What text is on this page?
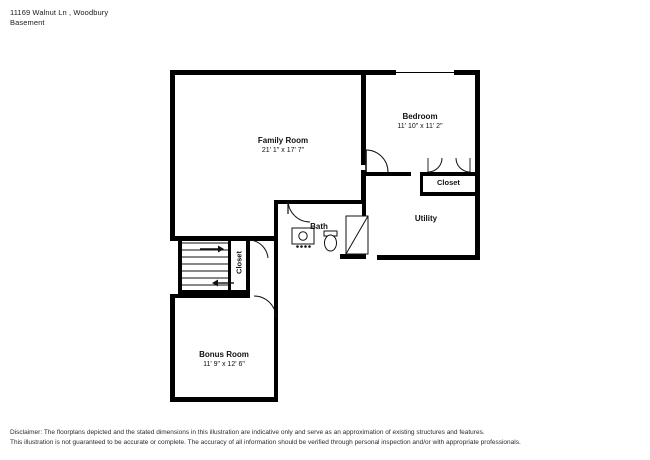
11169 Walnut Ln , Woodbury
Basement
Family Room
21' 1" x 17' 7"
Bedroom
11' 10" x 11' 2"
Utility
Bath
Bonus Room
11' 9" x 12' 6"
Closet
Closet
Disclaimer: The floorplans depicted and the stated dimensions in this illustration are indicative only and serve as an approximation of existing structures and features.
This illustration is not guaranteed to be accurate or complete. The accuracy of all information should be verified through personal inspection and/or with appropriate professionals.
